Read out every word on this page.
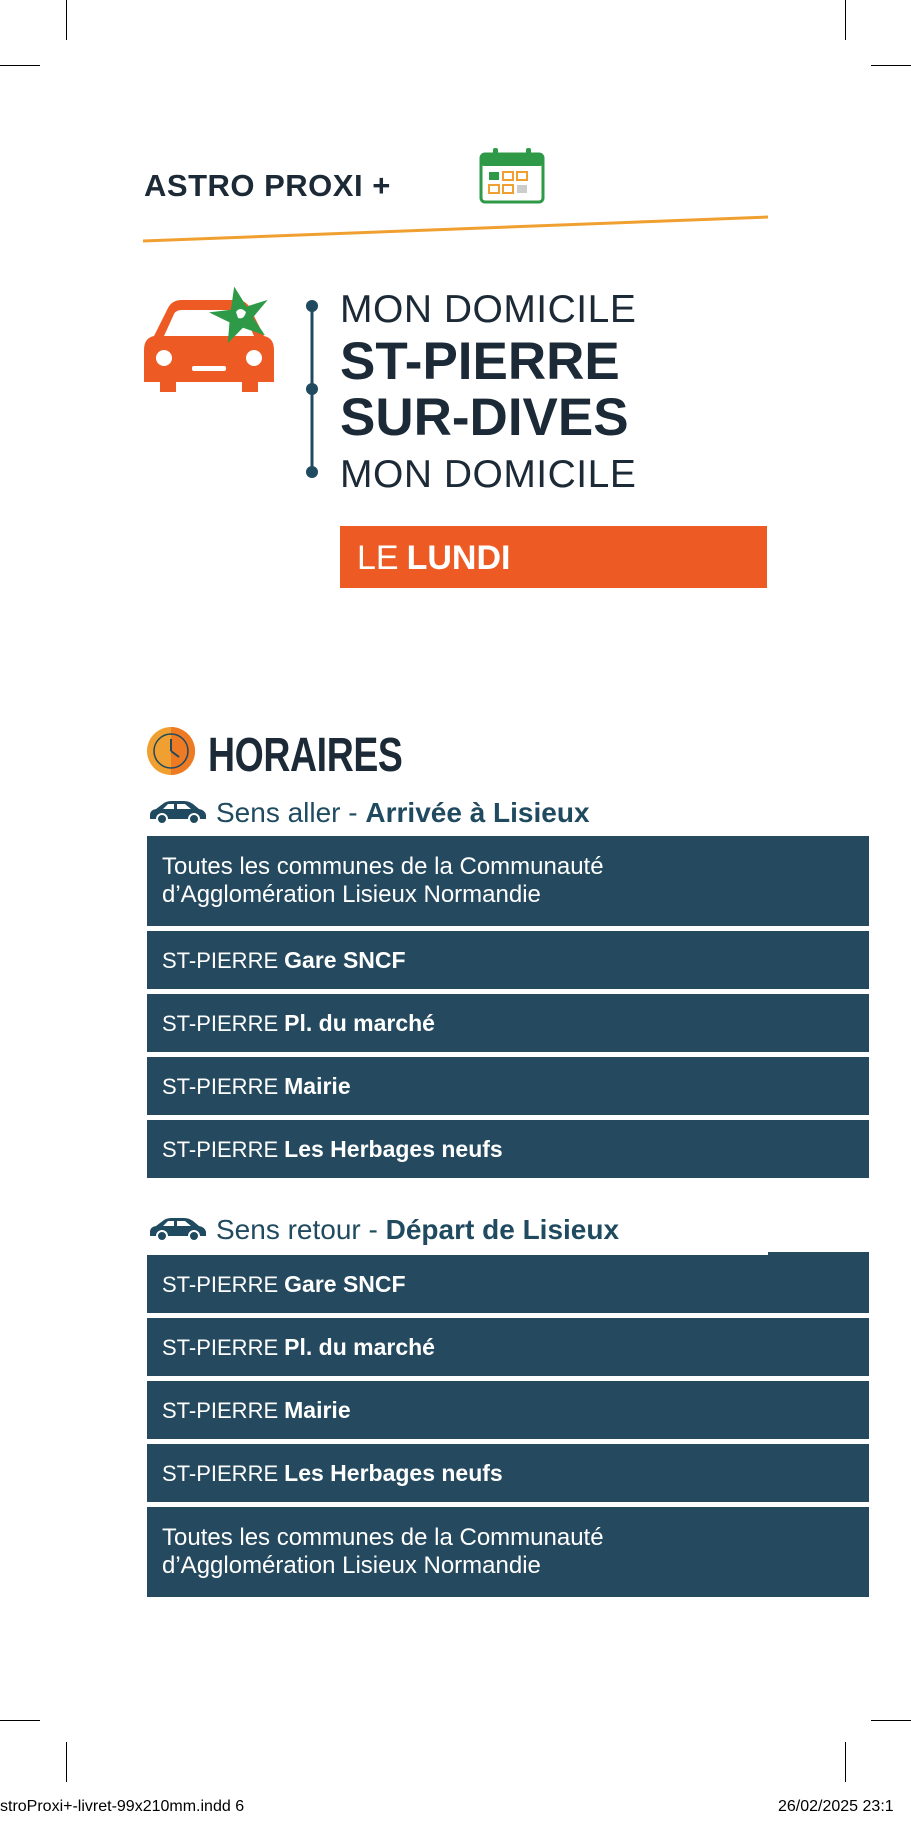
ASTRO PROXI +
MON DOMICILE
ST-PIERRE
SUR-DIVES
MON DOMICILE
LE LUNDI
HORAIRES
Sens aller - Arrivée à Lisieux
Toutes les communes de la Communauté
d’Agglomération Lisieux Normandie
ST-PIERRE Gare SNCF
ST-PIERRE Pl. du marché
ST-PIERRE Mairie
ST-PIERRE Les Herbages neufs
Sens retour - Départ de Lisieux
ST-PIERRE Gare SNCF
ST-PIERRE Pl. du marché
ST-PIERRE Mairie
ST-PIERRE Les Herbages neufs
Toutes les communes de la Communauté
d’Agglomération Lisieux Normandie
stroProxi+-livret-99x210mm.indd 6	26/02/2025 23:1
